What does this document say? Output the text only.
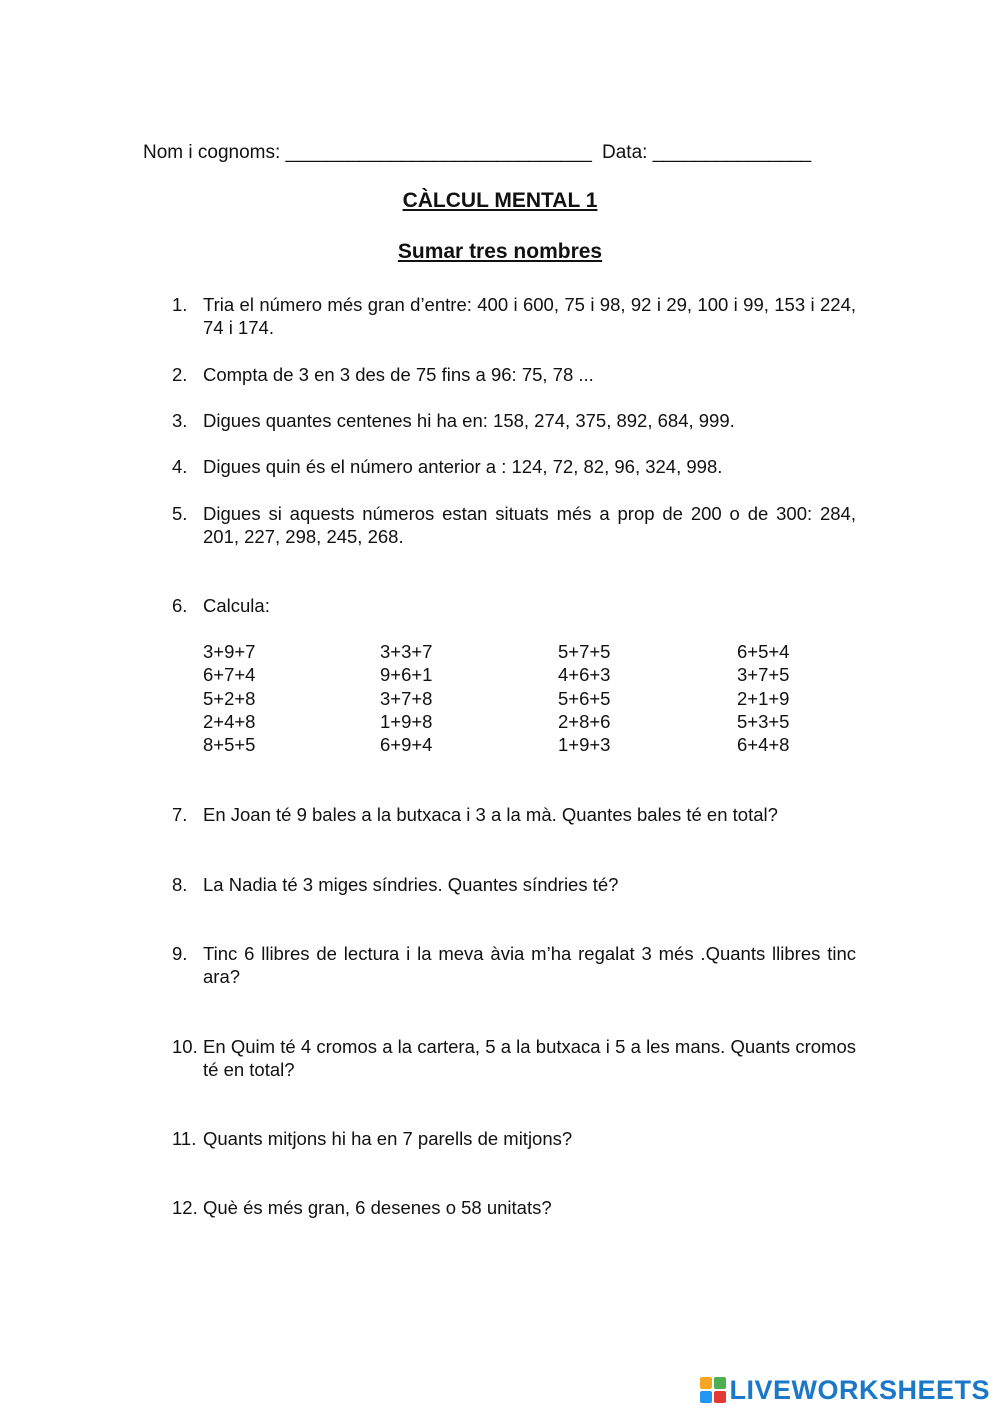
Nom i cognoms: _____________________________ Data: _______________
CÀLCUL MENTAL 1
Sumar tres nombres
1. Tria el número més gran d’entre: 400 i 600, 75 i 98, 92 i 29, 100 i 99, 153 i 224, 74 i 174.
2. Compta de 3 en 3 des de 75 fins a 96: 75, 78 ...
3. Digues quantes centenes hi ha en: 158, 274, 375, 892, 684, 999.
4. Digues quin és el número anterior a : 124, 72, 82, 96, 324, 998.
5. Digues si aquests números estan situats més a prop de 200 o de 300: 284, 201, 227, 298, 245, 268.
6. Calcula:
3+9+7	3+3+7	5+7+5	6+5+4
6+7+4	9+6+1	4+6+3	3+7+5
5+2+8	3+7+8	5+6+5	2+1+9
2+4+8	1+9+8	2+8+6	5+3+5
8+5+5	6+9+4	1+9+3	6+4+8
7. En Joan té 9 bales a la butxaca i 3 a la mà. Quantes bales té en total?
8. La Nadia té 3 miges síndries. Quantes síndries té?
9. Tinc 6 llibres de lectura i la meva àvia m’ha regalat 3 més .Quants llibres tinc ara?
10. En Quim té 4 cromos a la cartera, 5 a la butxaca i 5 a les mans. Quants cromos té en total?
11. Quants mitjons hi ha en 7 parells de mitjons?
12. Què és més gran, 6 desenes o 58 unitats?
LIVEWORKSHEETS
